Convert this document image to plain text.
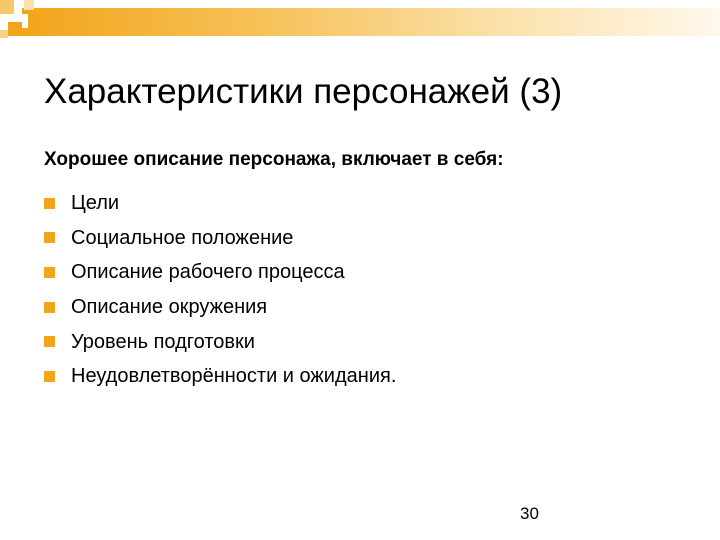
Характеристики персонажей (3)
Хорошее описание персонажа, включает в себя:
Цели
Социальное положение
Описание рабочего процесса
Описание окружения
Уровень подготовки
Неудовлетворённости и ожидания.
30
